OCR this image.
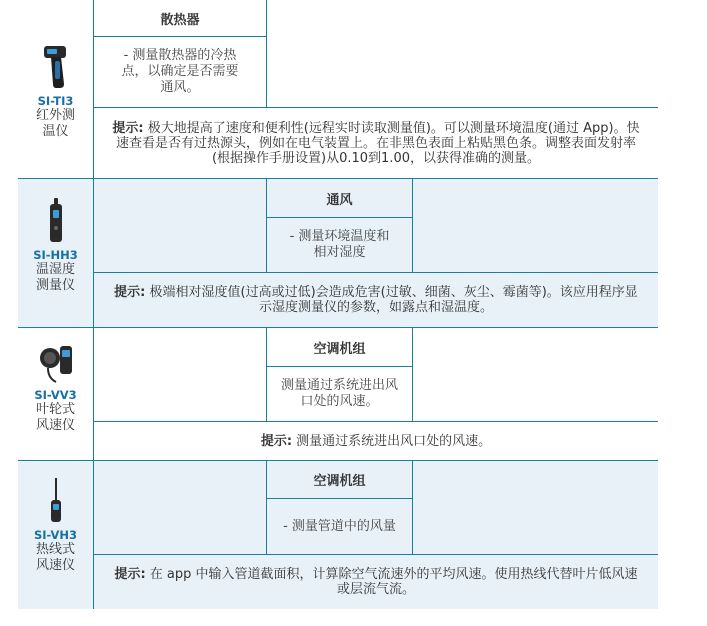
SI-TI3
红外测温仪
散热器
- 测量散热器的冷热点，以确定是否需要通风。
提示: 极大地提高了速度和便利性(远程实时读取测量值)。可以测量环境温度(通过 App)。快速查看是否有过热源头，例如在电气装置上。在非黑色表面上粘贴黑色条。调整表面发射率(根据操作手册设置)从0.10到1.00，以获得准确的测量。
SI-HH3
温湿度测量仪
通风
- 测量环境温度和相对湿度
提示: 极端相对湿度值(过高或过低)会造成危害(过敏、细菌、灰尘、霉菌等)。该应用程序显示湿度测量仪的参数，如露点和湿温度。
SI-VV3
叶轮式风速仪
空调机组
测量通过系统进出风口处的风速。
提示: 测量通过系统进出风口处的风速。
SI-VH3
热线式风速仪
空调机组
- 测量管道中的风量
提示: 在 app 中输入管道截面积，计算除空气流速外的平均风速。使用热线代替叶片低风速或层流气流。
